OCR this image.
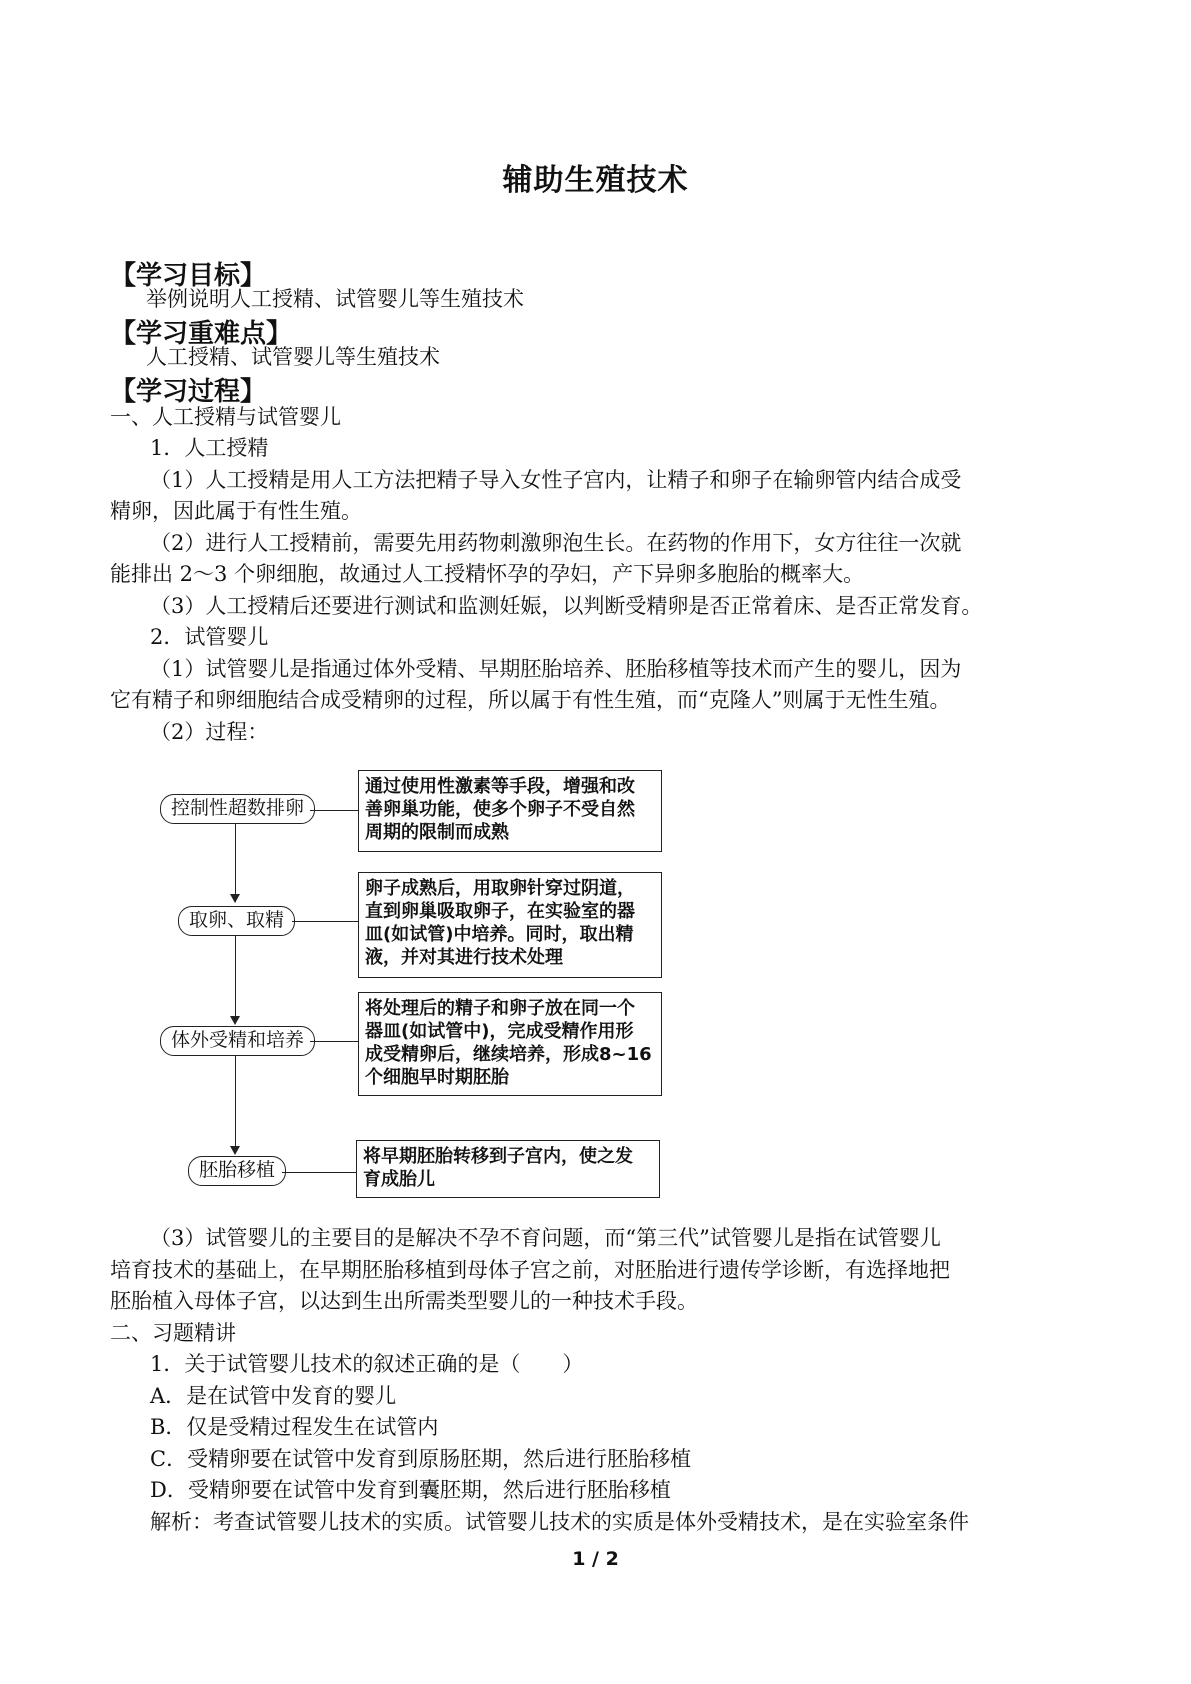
辅助生殖技术
【学习目标】
举例说明人工授精、试管婴儿等生殖技术
【学习重难点】
人工授精、试管婴儿等生殖技术
【学习过程】
一、人工授精与试管婴儿
1．人工授精
（1）人工授精是用人工方法把精子导入女性子宫内，让精子和卵子在输卵管内结合成受
精卵，因此属于有性生殖。
（2）进行人工授精前，需要先用药物刺激卵泡生长。在药物的作用下，女方往往一次就
能排出 2～3 个卵细胞，故通过人工授精怀孕的孕妇，产下异卵多胞胎的概率大。
（3）人工授精后还要进行测试和监测妊娠，以判断受精卵是否正常着床、是否正常发育。
2．试管婴儿
（1）试管婴儿是指通过体外受精、早期胚胎培养、胚胎移植等技术而产生的婴儿，因为
它有精子和卵细胞结合成受精卵的过程，所以属于有性生殖，而“克隆人”则属于无性生殖。
（2）过程：
控制性超数排卵
通过使用性激素等手段，增强和改
善卵巢功能，使多个卵子不受自然
周期的限制而成熟
取卵、取精
卵子成熟后，用取卵针穿过阴道，
直到卵巢吸取卵子，在实验室的器
皿(如试管)中培养。同时，取出精
液，并对其进行技术处理
体外受精和培养
将处理后的精子和卵子放在同一个
器皿(如试管中)，完成受精作用形
成受精卵后，继续培养，形成8~16
个细胞早时期胚胎
胚胎移植
将早期胚胎转移到子宫内，使之发
育成胎儿
（3）试管婴儿的主要目的是解决不孕不育问题，而“第三代”试管婴儿是指在试管婴儿
培育技术的基础上，在早期胚胎移植到母体子宫之前，对胚胎进行遗传学诊断，有选择地把
胚胎植入母体子宫，以达到生出所需类型婴儿的一种技术手段。
二、习题精讲
1．关于试管婴儿技术的叙述正确的是（　　）
A．是在试管中发育的婴儿
B．仅是受精过程发生在试管内
C．受精卵要在试管中发育到原肠胚期，然后进行胚胎移植
D．受精卵要在试管中发育到囊胚期，然后进行胚胎移植
解析：考查试管婴儿技术的实质。试管婴儿技术的实质是体外受精技术，是在实验室条件
1 / 2
